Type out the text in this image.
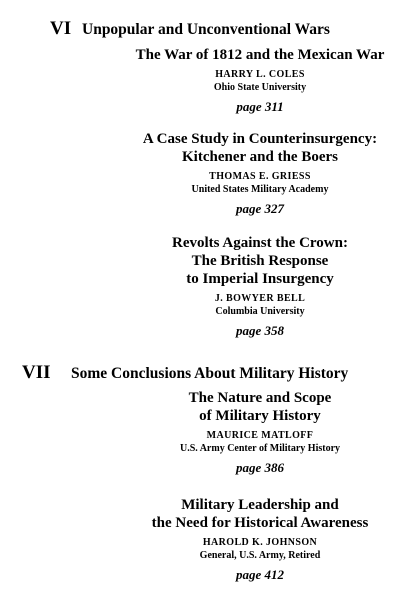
VI Unpopular and Unconventional Wars
The War of 1812 and the Mexican War
HARRY L. COLES
Ohio State University
page 311
A Case Study in Counterinsurgency:
Kitchener and the Boers
THOMAS E. GRIESS
United States Military Academy
page 327
Revolts Against the Crown:
The British Response
to Imperial Insurgency
J. BOWYER BELL
Columbia University
page 358
VII Some Conclusions About Military History
The Nature and Scope
of Military History
MAURICE MATLOFF
U.S. Army Center of Military History
page 386
Military Leadership and
the Need for Historical Awareness
HAROLD K. JOHNSON
General, U.S. Army, Retired
page 412
